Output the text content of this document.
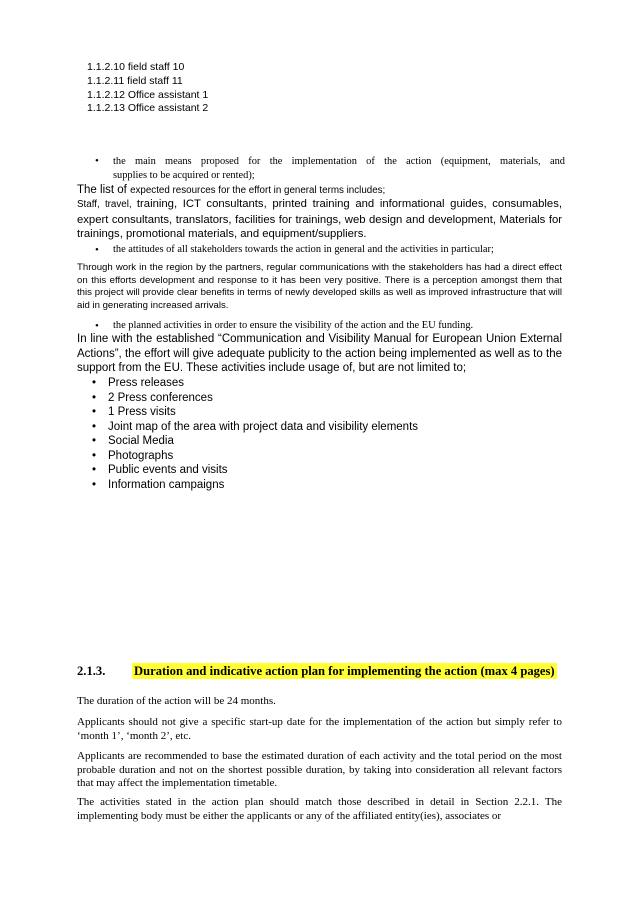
1.1.2.10 field staff 10
1.1.2.11 field staff 11
1.1.2.12 Office assistant 1
1.1.2.13 Office assistant 2
• the main means proposed for the implementation of the action (equipment, materials, and
supplies to be acquired or rented);
The list of expected resources for the effort in general terms includes;
Staff, travel, training, ICT consultants, printed training and informational guides, consumables, expert consultants, translators, facilities for trainings, web design and development, Materials for trainings, promotional materials, and equipment/suppliers.
• the attitudes of all stakeholders towards the action in general and the activities in particular;
Through work in the region by the partners, regular communications with the stakeholders has had a direct effect on this efforts development and response to it has been very positive. There is a perception amongst them that this project will provide clear benefits in terms of newly developed skills as well as improved infrastructure that will aid in generating increased arrivals.
• the planned activities in order to ensure the visibility of the action and the EU funding.
In line with the established “Communication and Visibility Manual for European Union External Actions”, the effort will give adequate publicity to the action being implemented as well as to the support from the EU. These activities include usage of, but are not limited to;
• Press releases
• 2 Press conferences
• 1 Press visits
• Joint map of the area with project data and visibility elements
• Social Media
• Photographs
• Public events and visits
• Information campaigns
2.1.3. Duration and indicative action plan for implementing the action (max 4 pages)
The duration of the action will be 24 months.
Applicants should not give a specific start-up date for the implementation of the action but simply refer to ‘month 1’, ‘month 2’, etc.
Applicants are recommended to base the estimated duration of each activity and the total period on the most probable duration and not on the shortest possible duration, by taking into consideration all relevant factors that may affect the implementation timetable.
The activities stated in the action plan should match those described in detail in Section 2.2.1. The implementing body must be either the applicants or any of the affiliated entity(ies), associates or
